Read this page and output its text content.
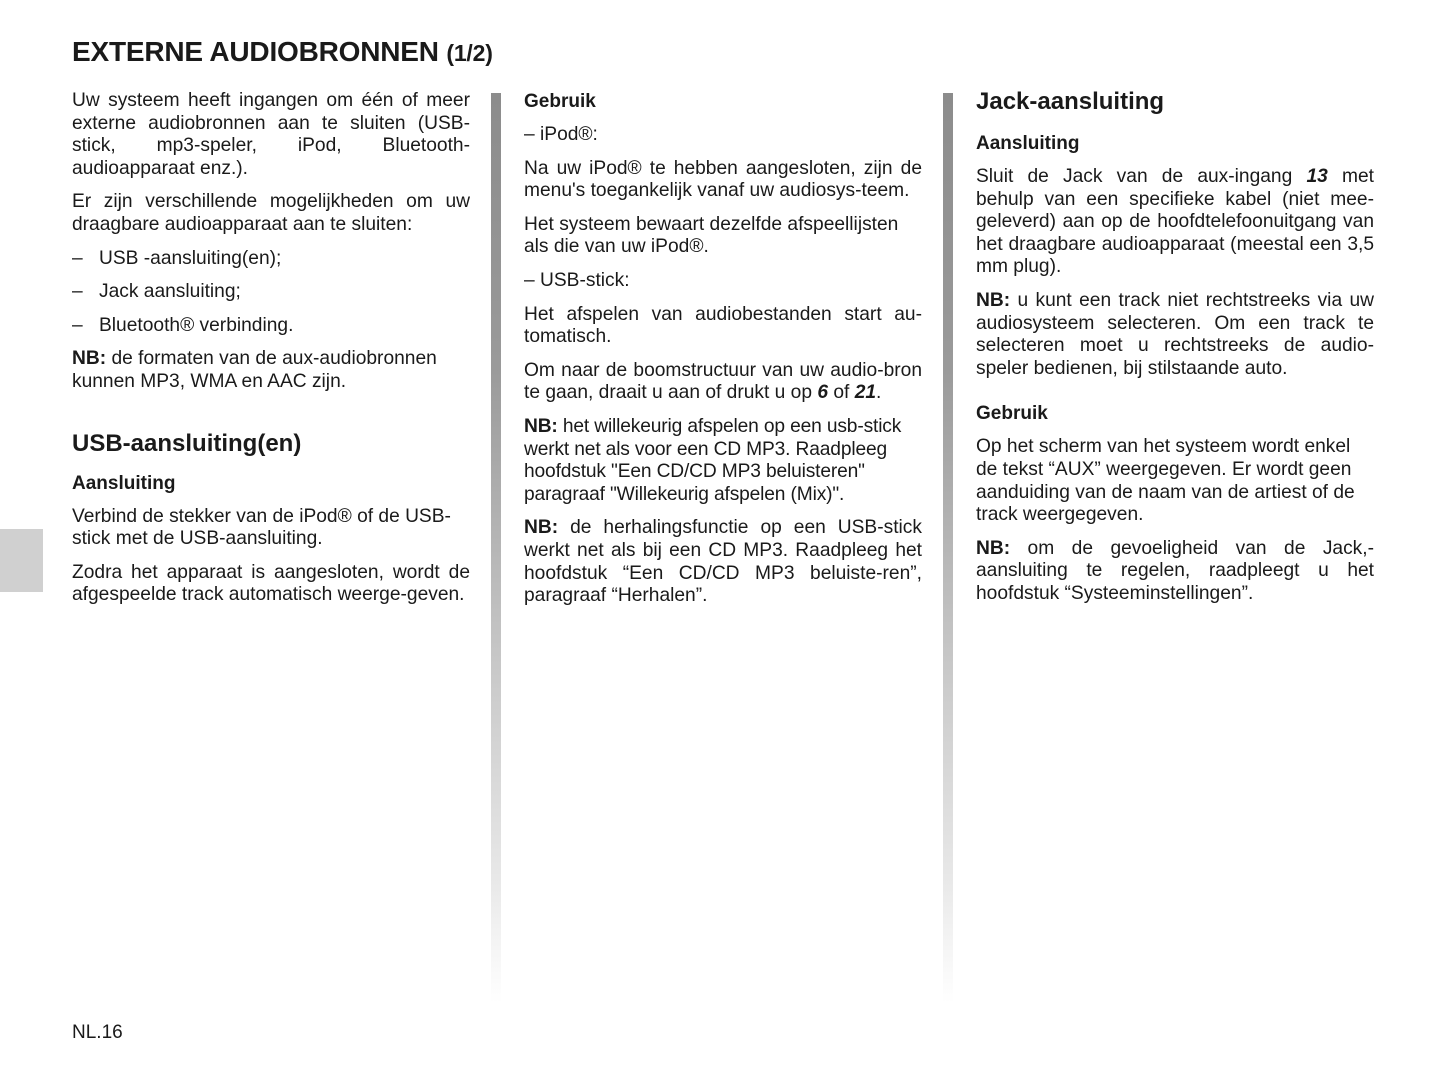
EXTERNE AUDIOBRONNEN (1/2)

Uw systeem heeft ingangen om één of meer externe audiobronnen aan te sluiten (USB-stick, mp3-speler, iPod, Bluetooth-audioapparaat enz.).

Er zijn verschillende mogelijkheden om uw draagbare audioapparaat aan te sluiten:

– USB -aansluiting(en);
– Jack aansluiting;
– Bluetooth® verbinding.

NB: de formaten van de aux-audiobronnen kunnen MP3, WMA en AAC zijn.

USB-aansluiting(en)
Aansluiting

Verbind de stekker van de iPod® of de USB-stick met de USB-aansluiting.

Zodra het apparaat is aangesloten, wordt de afgespeelde track automatisch weerge-geven.

Gebruik

– iPod®:

Na uw iPod® te hebben aangesloten, zijn de menu's toegankelijk vanaf uw audiosys-teem.

Het systeem bewaart dezelfde afspeellijsten als die van uw iPod®.

– USB-stick:

Het afspelen van audiobestanden start au-tomatisch.

Om naar de boomstructuur van uw audio-bron te gaan, draait u aan of drukt u op 6 of 21.

NB: het willekeurig afspelen op een usb-stick werkt net als voor een CD MP3. Raadpleeg hoofdstuk "Een CD/CD MP3 beluisteren" paragraaf "Willekeurig afspelen (Mix)".

NB: de herhalingsfunctie op een USB-stick werkt net als bij een CD MP3. Raadpleeg het hoofdstuk “Een CD/CD MP3 beluiste-ren”, paragraaf “Herhalen”.

Jack-aansluiting
Aansluiting

Sluit de Jack van de aux-ingang 13 met behulp van een specifieke kabel (niet mee-geleverd) aan op de hoofdtelefoonuitgang van het draagbare audioapparaat (meestal een 3,5 mm plug).

NB: u kunt een track niet rechtstreeks via uw audiosysteem selecteren. Om een track te selecteren moet u rechtstreeks de audio-speler bedienen, bij stilstaande auto.

Gebruik

Op het scherm van het systeem wordt enkel de tekst “AUX” weergegeven. Er wordt geen aanduiding van de naam van de artiest of de track weergegeven.

NB: om de gevoeligheid van de Jack,-aansluiting te regelen, raadpleegt u het hoofdstuk “Systeeminstellingen”.

NL.16
